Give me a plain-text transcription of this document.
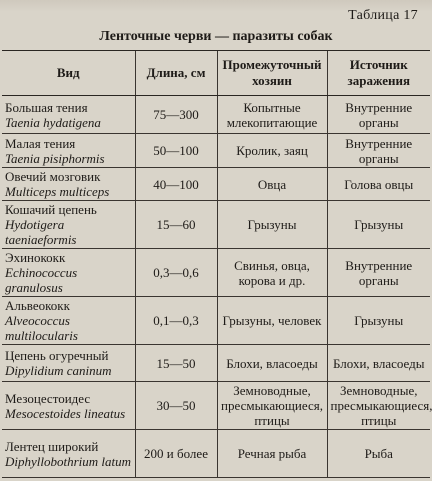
Таблица 17
Ленточные черви — паразиты собак
Вид	Длина, см	Промежуточный хозяин	Источник заражения

Большая тения
Taenia hydatigena	75—300	Копытные млекопитающие	Внутренние органы

Малая тения
Taenia pisiphormis	50—100	Кролик, заяц	Внутренние органы

Овечий мозговик
Multiceps multiceps	40—100	Овца	Голова овцы

Кошачий цепень
Hydotigera taeniaeformis	15—60	Грызуны	Грызуны

Эхинококк
Echinococcus granulosus	0,3—0,6	Свинья, овца, корова и др.	Внутренние органы

Альвеококк
Alveococcus multilocularis	0,1—0,3	Грызуны, человек	Грызуны

Цепень огуречный
Dipylidium caninum	15—50	Блохи, власоеды	Блохи, власоеды

Мезоцестоидес
Mesocestoides lineatus	30—50	Земноводные, пресмыкающиеся, птицы	Земноводные, пресмыкающиеся, птицы

Лентец широкий
Diphyllobothrium latum	200 и более	Речная рыба	Рыба
